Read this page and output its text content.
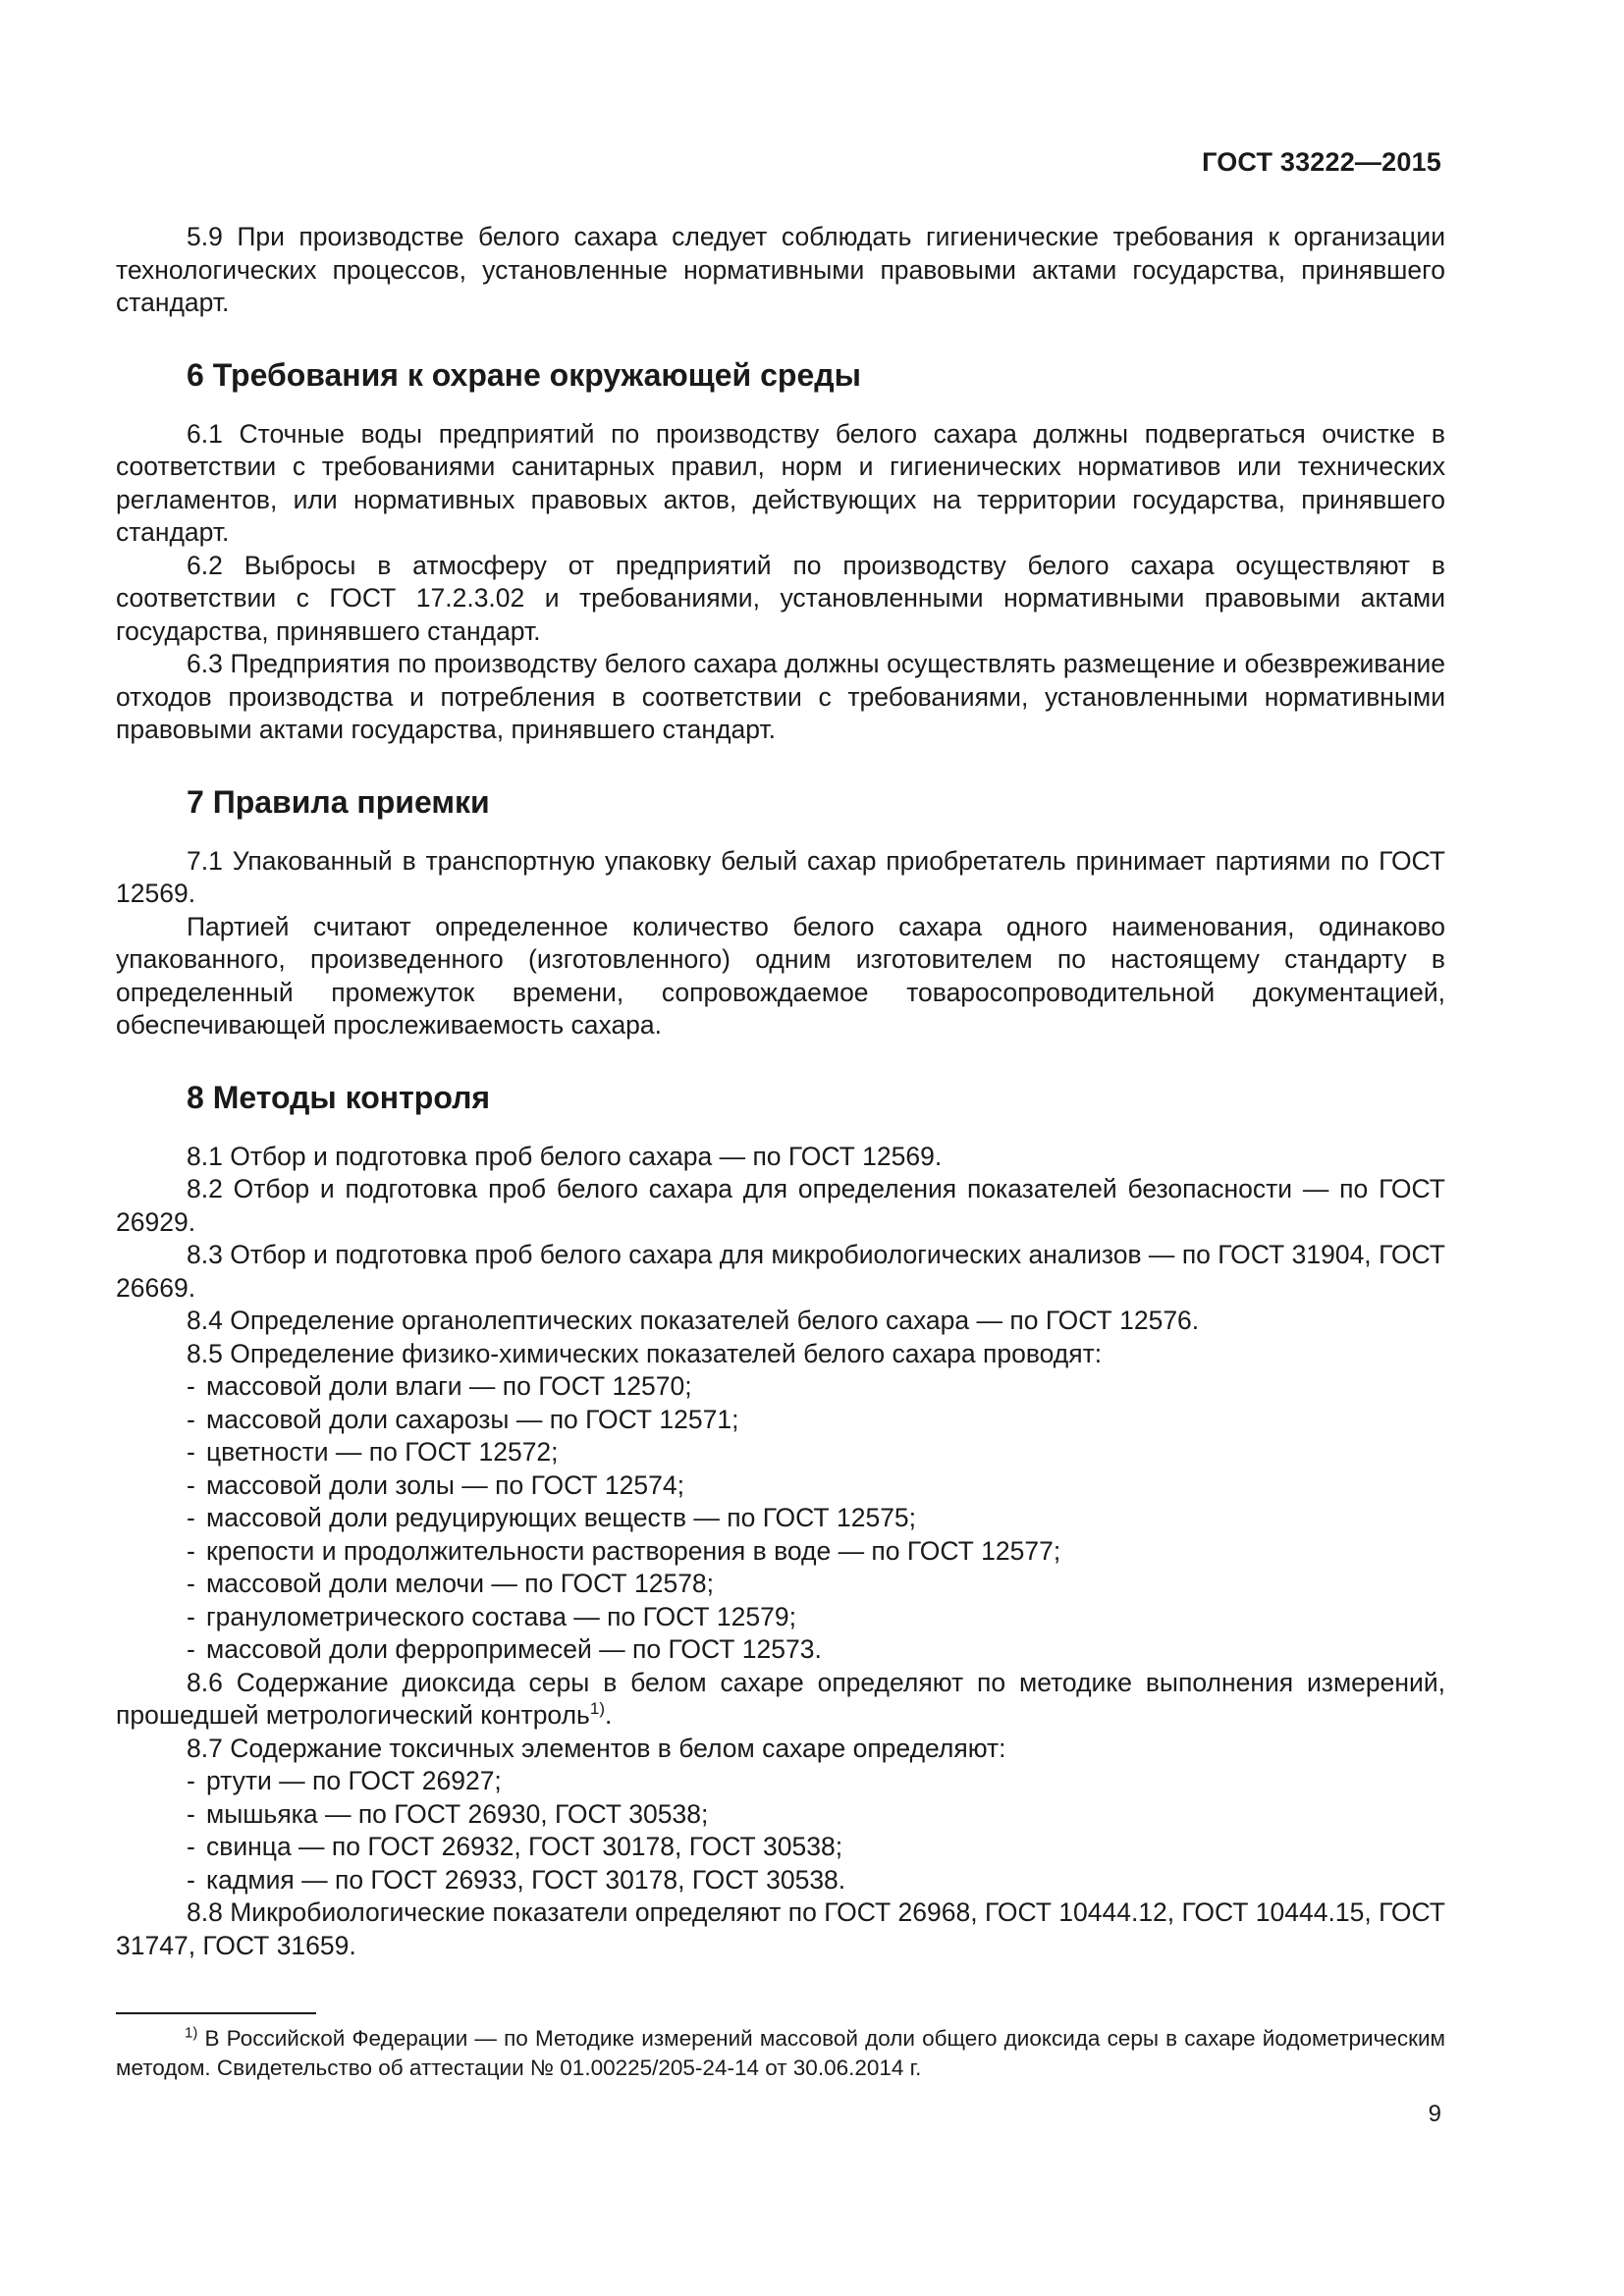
ГОСТ 33222—2015

5.9 При производстве белого сахара следует соблюдать гигиенические требования к организации технологических процессов, установленные нормативными правовыми актами государства, принявшего стандарт.

6 Требования к охране окружающей среды

6.1 Сточные воды предприятий по производству белого сахара должны подвергаться очистке в соответствии с требованиями санитарных правил, норм и гигиенических нормативов или технических регламентов, или нормативных правовых актов, действующих на территории государства, принявшего стандарт.

6.2 Выбросы в атмосферу от предприятий по производству белого сахара осуществляют в соответствии с ГОСТ 17.2.3.02 и требованиями, установленными нормативными правовыми актами государства, принявшего стандарт.

6.3 Предприятия по производству белого сахара должны осуществлять размещение и обезвреживание отходов производства и потребления в соответствии с требованиями, установленными нормативными правовыми актами государства, принявшего стандарт.

7 Правила приемки

7.1 Упакованный в транспортную упаковку белый сахар приобретатель принимает партиями по ГОСТ 12569.

Партией считают определенное количество белого сахара одного наименования, одинаково упакованного, произведенного (изготовленного) одним изготовителем по настоящему стандарту в определенный промежуток времени, сопровождаемое товаросопроводительной документацией, обеспечивающей прослеживаемость сахара.

8 Методы контроля

8.1 Отбор и подготовка проб белого сахара — по ГОСТ 12569.

8.2 Отбор и подготовка проб белого сахара для определения показателей безопасности — по ГОСТ 26929.

8.3 Отбор и подготовка проб белого сахара для микробиологических анализов — по ГОСТ 31904, ГОСТ 26669.

8.4 Определение органолептических показателей белого сахара — по ГОСТ 12576.

8.5 Определение физико-химических показателей белого сахара проводят:

- массовой доли влаги — по ГОСТ 12570;

- массовой доли сахарозы — по ГОСТ 12571;

- цветности — по ГОСТ 12572;

- массовой доли золы — по ГОСТ 12574;

- массовой доли редуцирующих веществ — по ГОСТ 12575;

- крепости и продолжительности растворения в воде — по ГОСТ 12577;

- массовой доли мелочи — по ГОСТ 12578;

- гранулометрического состава — по ГОСТ 12579;

- массовой доли ферропримесей — по ГОСТ 12573.

8.6 Содержание диоксида серы в белом сахаре определяют по методике выполнения измерений, прошедшей метрологический контроль$^{1)}$.

8.7 Содержание токсичных элементов в белом сахаре определяют:

- ртути — по ГОСТ 26927;

- мышьяка — по ГОСТ 26930, ГОСТ 30538;

- свинца — по ГОСТ 26932, ГОСТ 30178, ГОСТ 30538;

- кадмия — по ГОСТ 26933, ГОСТ 30178, ГОСТ 30538.

8.8 Микробиологические показатели определяют по ГОСТ 26968, ГОСТ 10444.12, ГОСТ 10444.15, ГОСТ 31747, ГОСТ 31659.

$^{1)}$ В Российской Федерации — по Методике измерений массовой доли общего диоксида серы в сахаре йодометрическим методом. Свидетельство об аттестации № 01.00225/205-24-14 от 30.06.2014 г.

9
